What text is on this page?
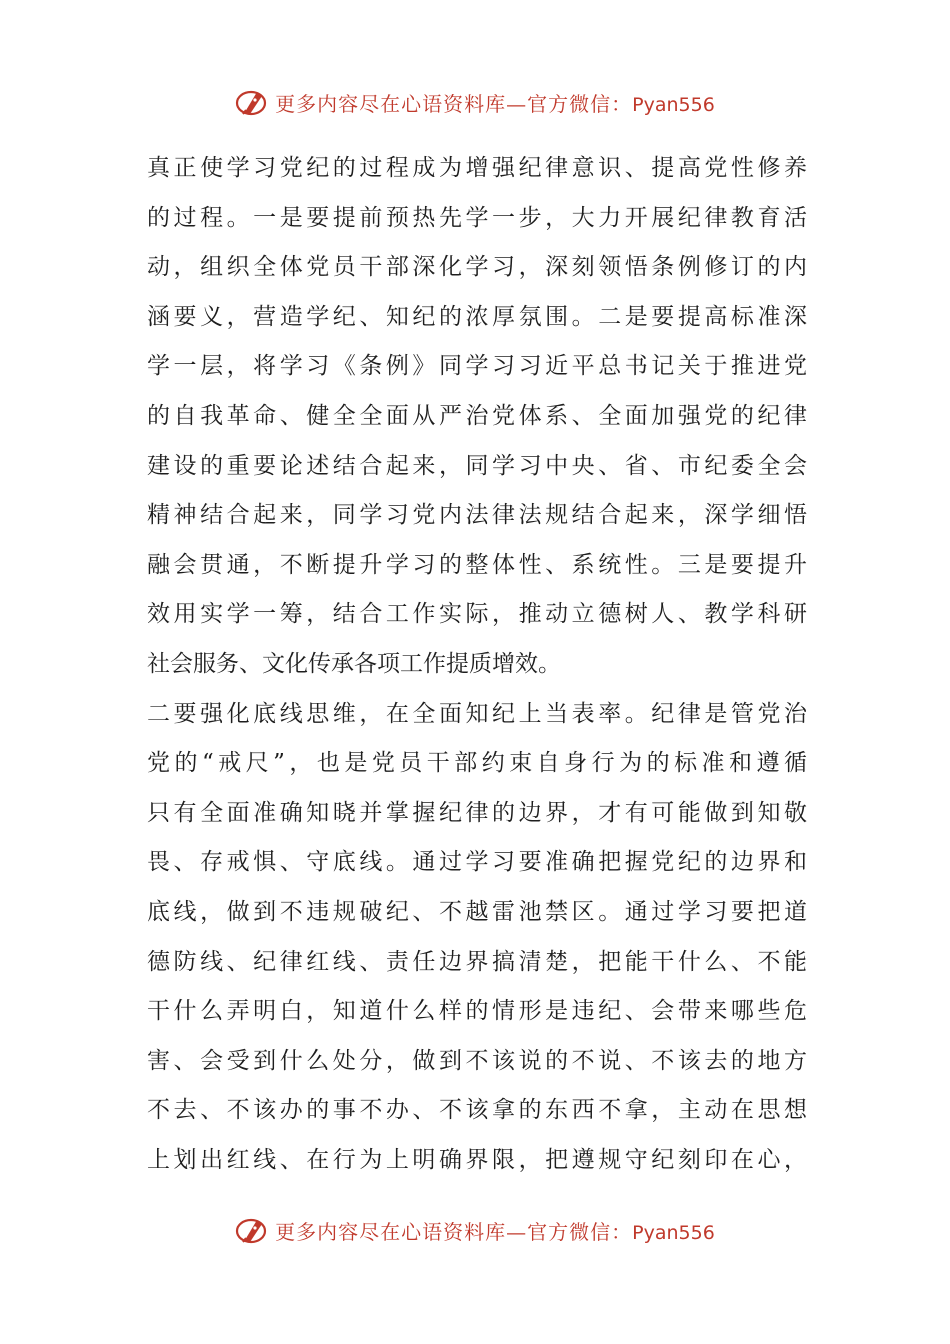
更多内容尽在心语资料库—官方微信：Pyan556
真正使学习党纪的过程成为增强纪律意识、提高党性修养
的过程。一是要提前预热先学一步，大力开展纪律教育活
动，组织全体党员干部深化学习，深刻领悟条例修订的内
涵要义，营造学纪、知纪的浓厚氛围。二是要提高标准深
学一层，将学习《条例》同学习习近平总书记关于推进党
的自我革命、健全全面从严治党体系、全面加强党的纪律
建设的重要论述结合起来，同学习中央、省、市纪委全会
精神结合起来，同学习党内法律法规结合起来，深学细悟
融会贯通，不断提升学习的整体性、系统性。三是要提升
效用实学一筹，结合工作实际，推动立德树人、教学科研
社会服务、文化传承各项工作提质增效。
二要强化底线思维，在全面知纪上当表率。纪律是管党治
党的“戒尺”，也是党员干部约束自身行为的标准和遵循
只有全面准确知晓并掌握纪律的边界，才有可能做到知敬
畏、存戒惧、守底线。通过学习要准确把握党纪的边界和
底线，做到不违规破纪、不越雷池禁区。通过学习要把道
德防线、纪律红线、责任边界搞清楚，把能干什么、不能
干什么弄明白，知道什么样的情形是违纪、会带来哪些危
害、会受到什么处分，做到不该说的不说、不该去的地方
不去、不该办的事不办、不该拿的东西不拿，主动在思想
上划出红线、在行为上明确界限，把遵规守纪刻印在心，
更多内容尽在心语资料库—官方微信：Pyan556
